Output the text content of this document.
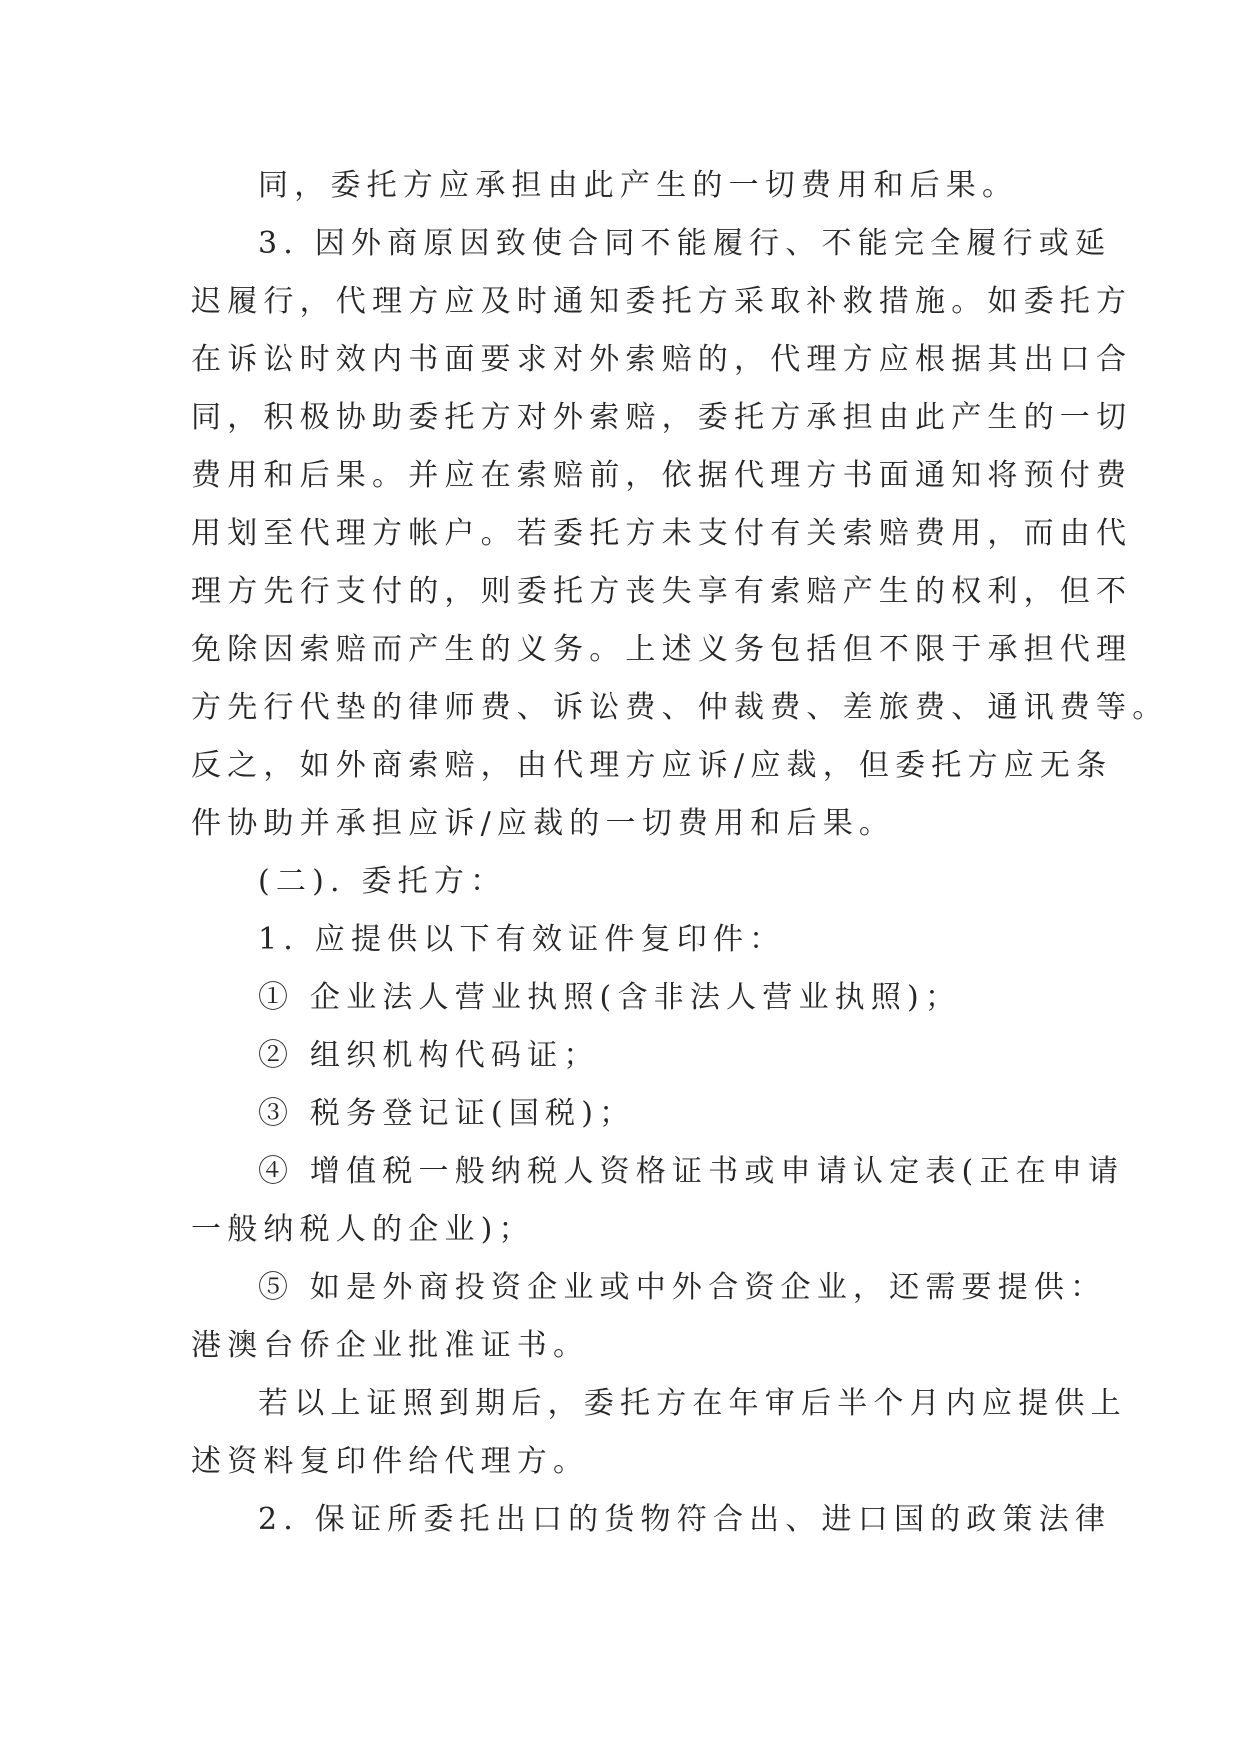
同，委托方应承担由此产生的一切费用和后果。
3. 因外商原因致使合同不能履行、不能完全履行或延
迟履行，代理方应及时通知委托方采取补救措施。如委托方
在诉讼时效内书面要求对外索赔的，代理方应根据其出口合
同，积极协助委托方对外索赔，委托方承担由此产生的一切
费用和后果。并应在索赔前，依据代理方书面通知将预付费
用划至代理方帐户。若委托方未支付有关索赔费用，而由代
理方先行支付的，则委托方丧失享有索赔产生的权利，但不
免除因索赔而产生的义务。上述义务包括但不限于承担代理
方先行代垫的律师费、诉讼费、仲裁费、差旅费、通讯费等。
反之，如外商索赔，由代理方应诉/应裁，但委托方应无条
件协助并承担应诉/应裁的一切费用和后果。
(二). 委托方：
1. 应提供以下有效证件复印件：
① 企业法人营业执照(含非法人营业执照)；
② 组织机构代码证；
③ 税务登记证(国税)；
④ 增值税一般纳税人资格证书或申请认定表(正在申请
一般纳税人的企业)；
⑤ 如是外商投资企业或中外合资企业，还需要提供：
港澳台侨企业批准证书。
若以上证照到期后，委托方在年审后半个月内应提供上
述资料复印件给代理方。
2. 保证所委托出口的货物符合出、进口国的政策法律
